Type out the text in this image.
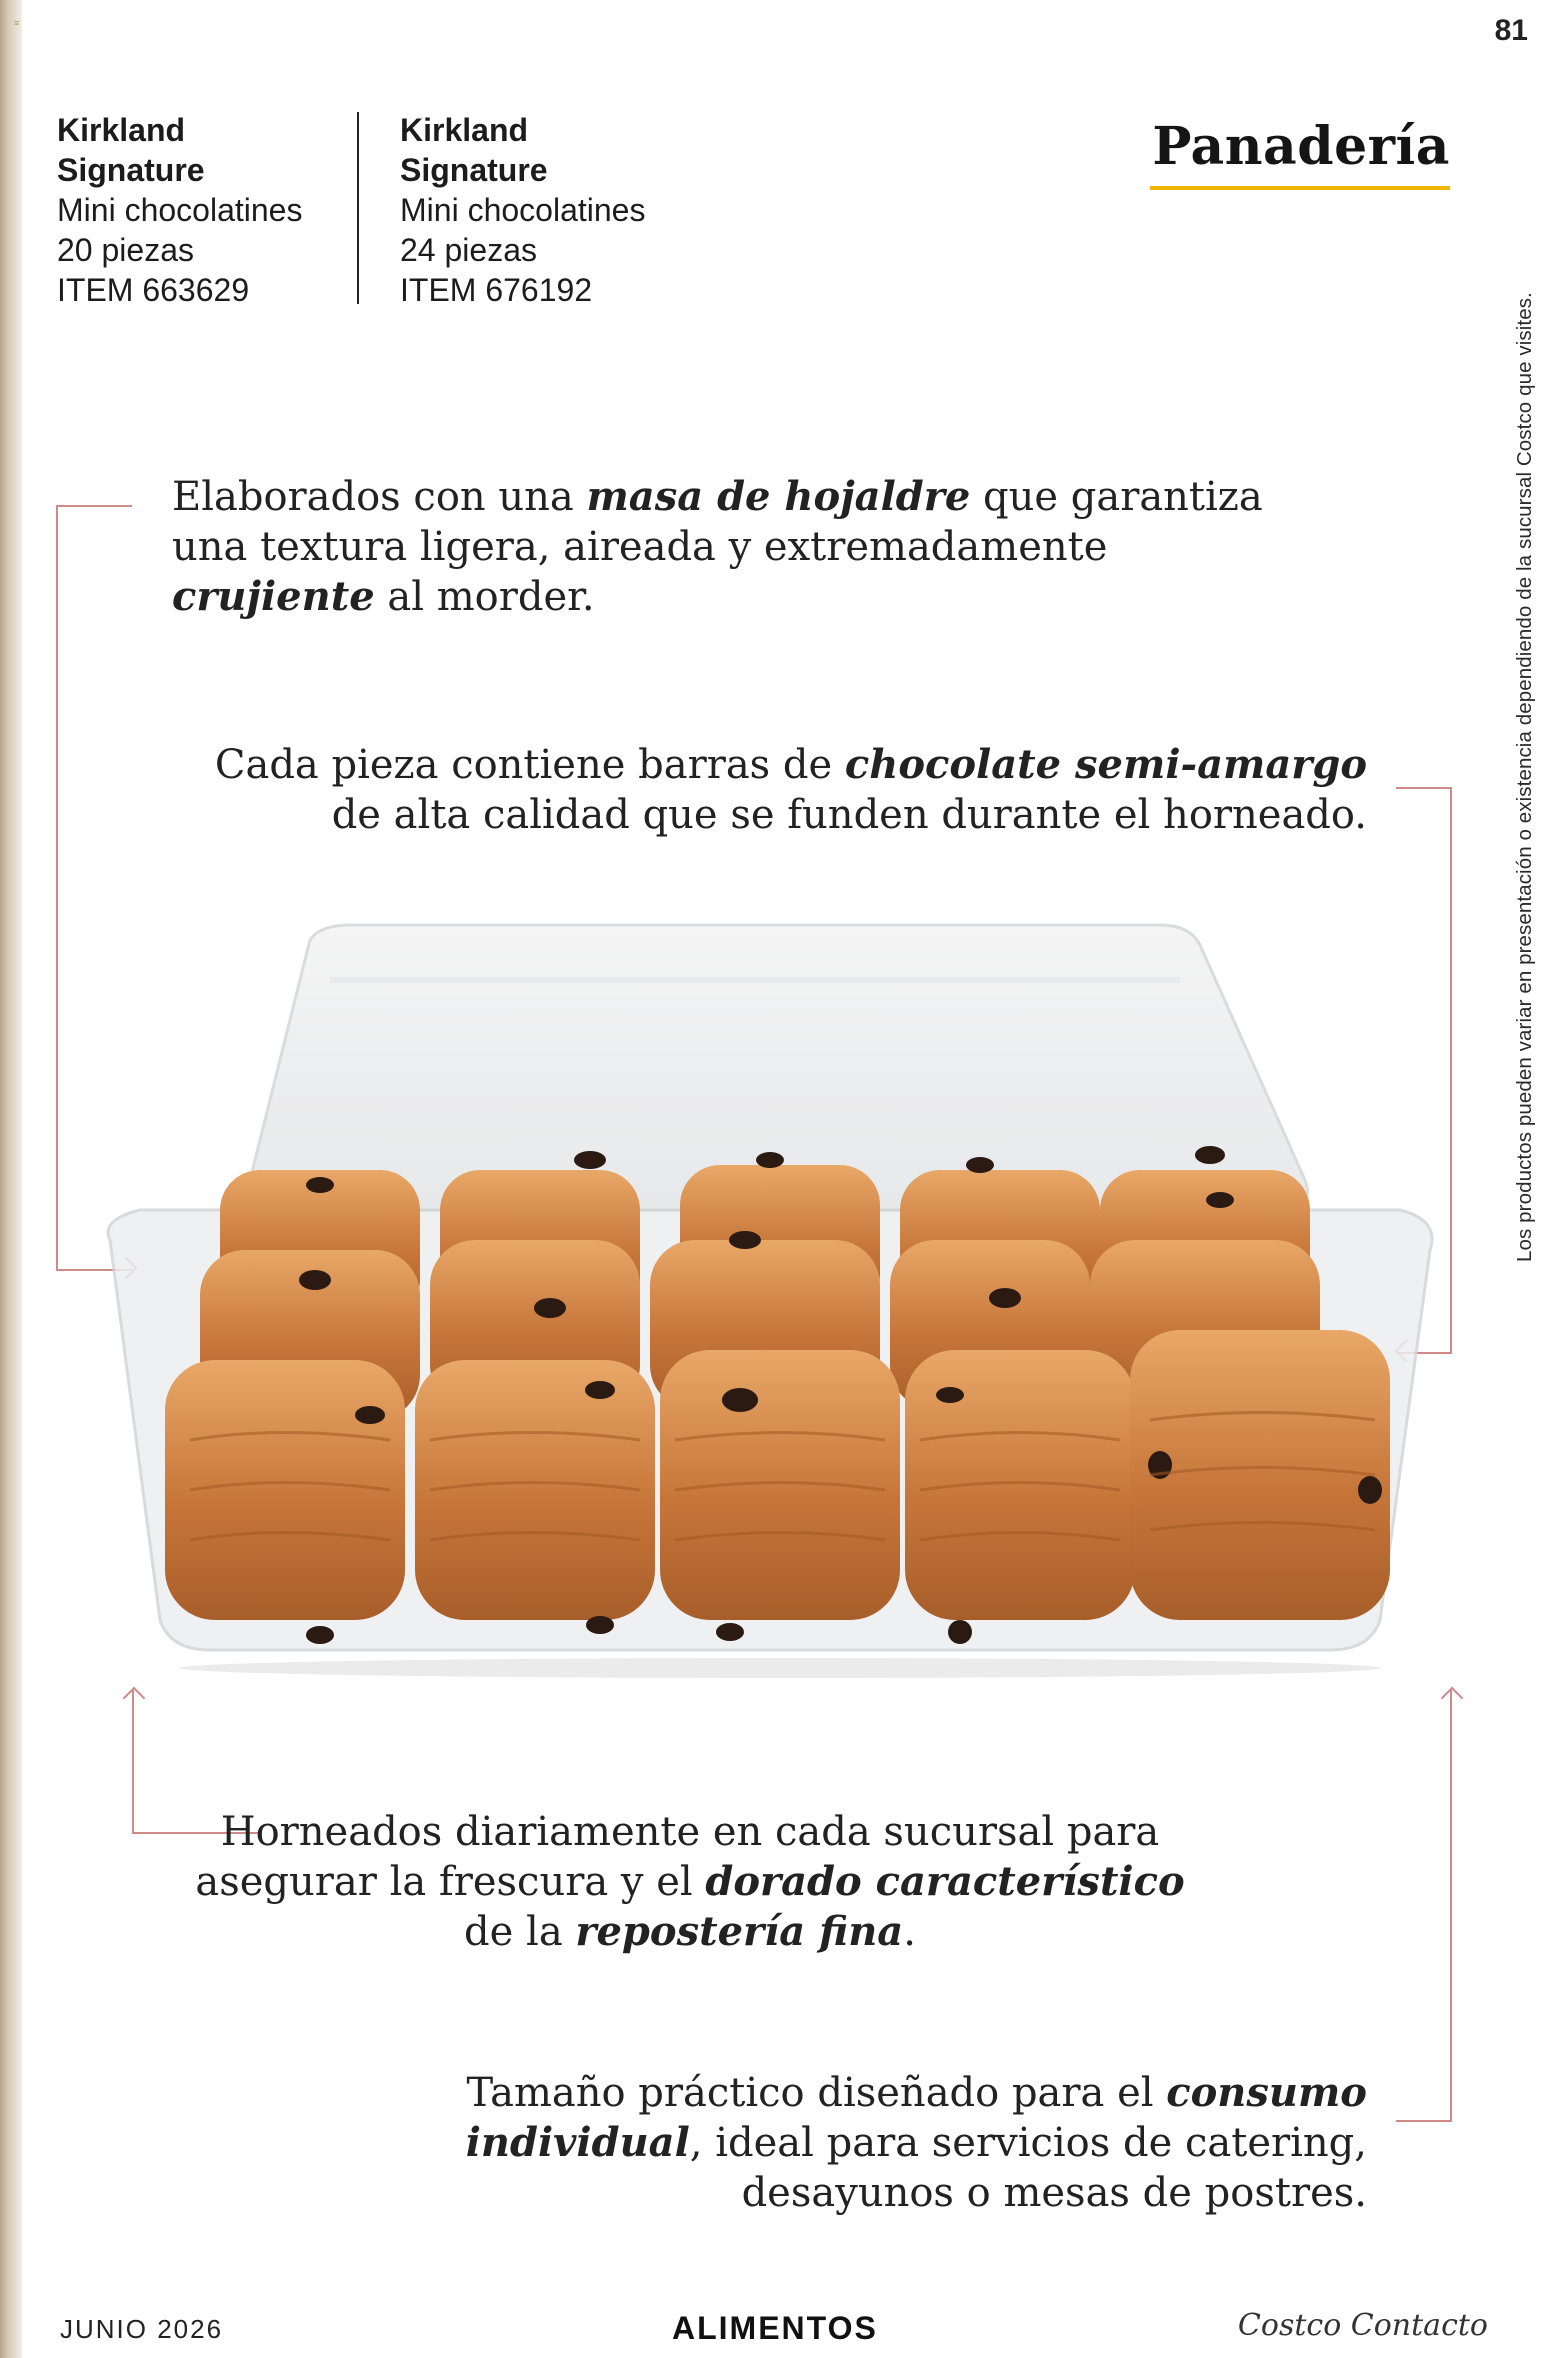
≡	81
Los productos pueden variar en presentación o existencia dependiendo de la sucursal Costco que visites.
Kirkland
Signature
Mini chocolatines
20 piezas
ITEM 663629
Kirkland
Signature
Mini chocolatines
24 piezas
ITEM 676192
Panadería

Elaborados con una masa de hojaldre que garantiza

una textura ligera, aireada y extremadamente

crujiente al morder.

Cada pieza contiene barras de chocolate semi-amargo

de alta calidad que se funden durante el horneado.

Horneados diariamente en cada sucursal para

asegurar la frescura y el dorado característico

de la repostería fina.

Tamaño práctico diseñado para el consumo

individual, ideal para servicios de catering,

desayunos o mesas de postres.

JUNIO 2026	ALIMENTOS	Costco Contacto
